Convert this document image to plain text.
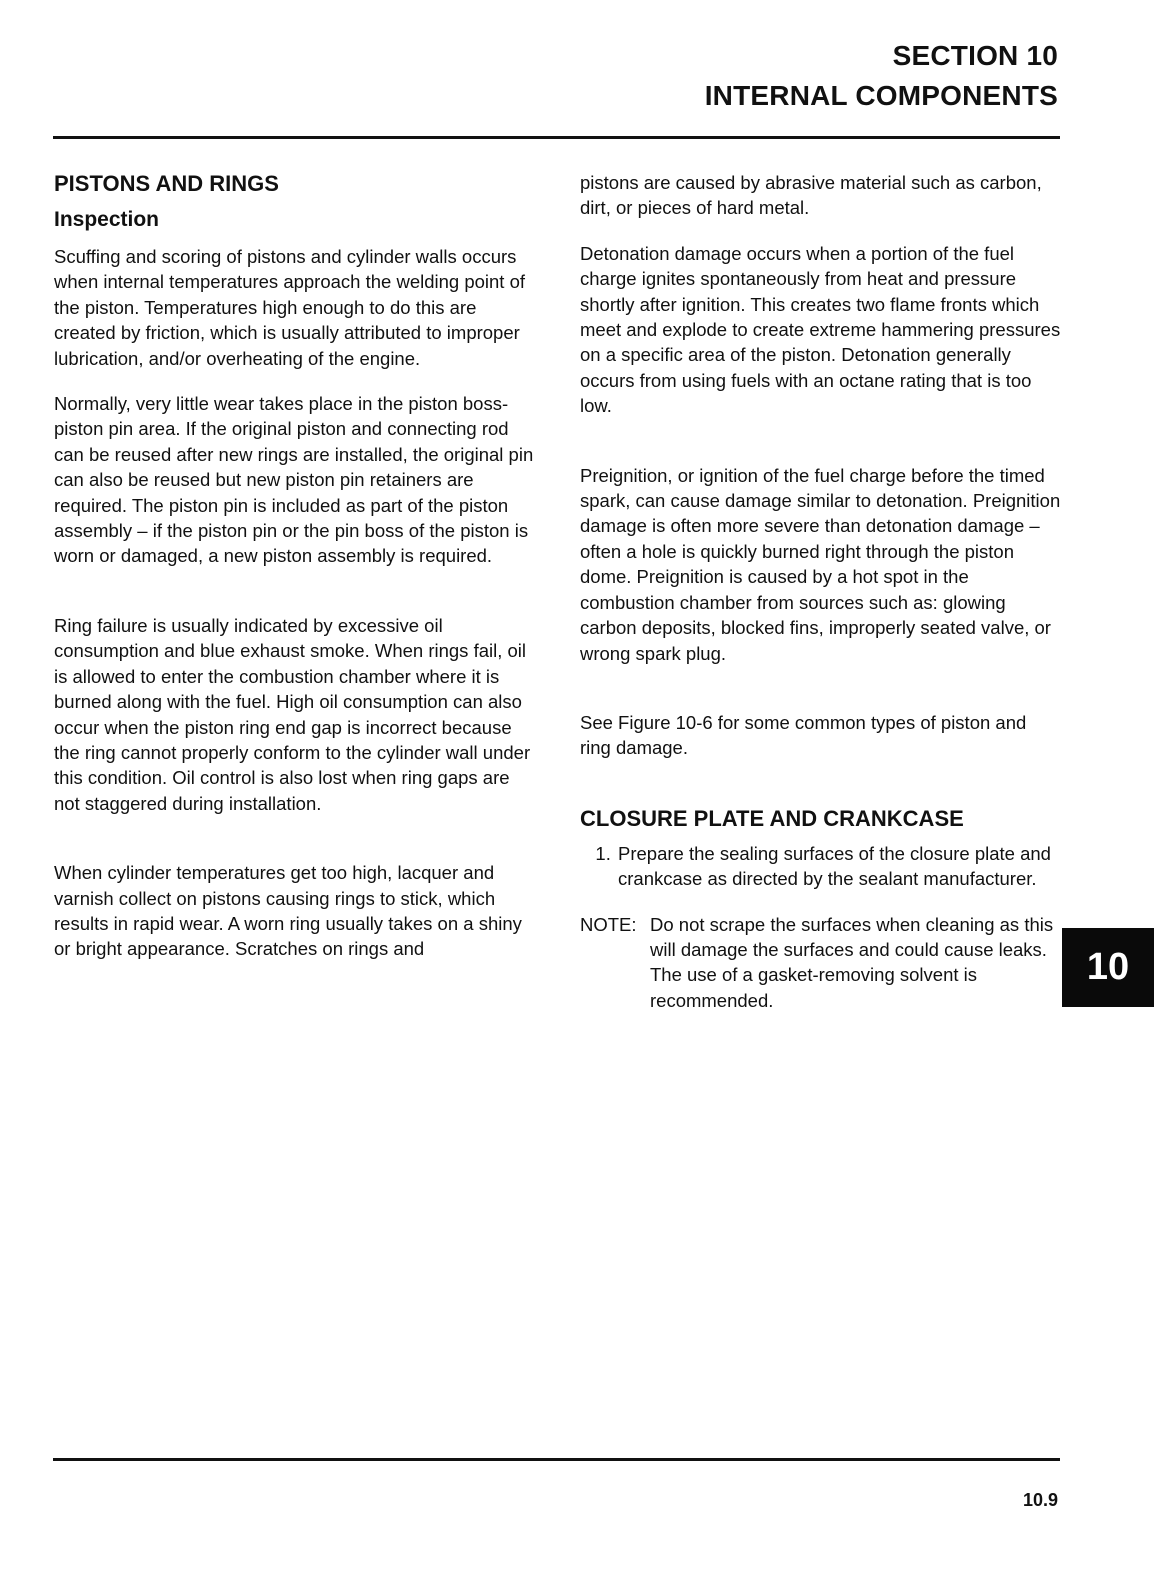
SECTION 10
INTERNAL COMPONENTS
PISTONS AND RINGS
Inspection

Scuffing and scoring of pistons and cylinder walls occurs when internal temperatures approach the welding point of the piston. Temperatures high enough to do this are created by friction, which is usually attributed to improper lubrication, and/or overheating of the engine.

Normally, very little wear takes place in the piston boss-piston pin area. If the original piston and connecting rod can be reused after new rings are installed, the original pin can also be reused but new piston pin retainers are required. The piston pin is included as part of the piston assembly – if the piston pin or the pin boss of the piston is worn or damaged, a new piston assembly is required.

Ring failure is usually indicated by excessive oil consumption and blue exhaust smoke. When rings fail, oil is allowed to enter the combustion chamber where it is burned along with the fuel. High oil consumption can also occur when the piston ring end gap is incorrect because the ring cannot properly conform to the cylinder wall under this condition. Oil control is also lost when ring gaps are not staggered during installation.

When cylinder temperatures get too high, lacquer and varnish collect on pistons causing rings to stick, which results in rapid wear. A worn ring usually takes on a shiny or bright appearance. Scratches on rings and

pistons are caused by abrasive material such as carbon, dirt, or pieces of hard metal.

Detonation damage occurs when a portion of the fuel charge ignites spontaneously from heat and pressure shortly after ignition. This creates two flame fronts which meet and explode to create extreme hammering pressures on a specific area of the piston. Detonation generally occurs from using fuels with an octane rating that is too low.

Preignition, or ignition of the fuel charge before the timed spark, can cause damage similar to detonation. Preignition damage is often more severe than detonation damage – often a hole is quickly burned right through the piston dome. Preignition is caused by a hot spot in the combustion chamber from sources such as: glowing carbon deposits, blocked fins, improperly seated valve, or wrong spark plug.

See Figure 10-6 for some common types of piston and ring damage.

CLOSURE PLATE AND CRANKCASE
1. Prepare the sealing surfaces of the closure plate and crankcase as directed by the sealant manufacturer.
NOTE: Do not scrape the surfaces when cleaning as this will damage the surfaces and could cause leaks. The use of a gasket-removing solvent is recommended.
10
10.9
